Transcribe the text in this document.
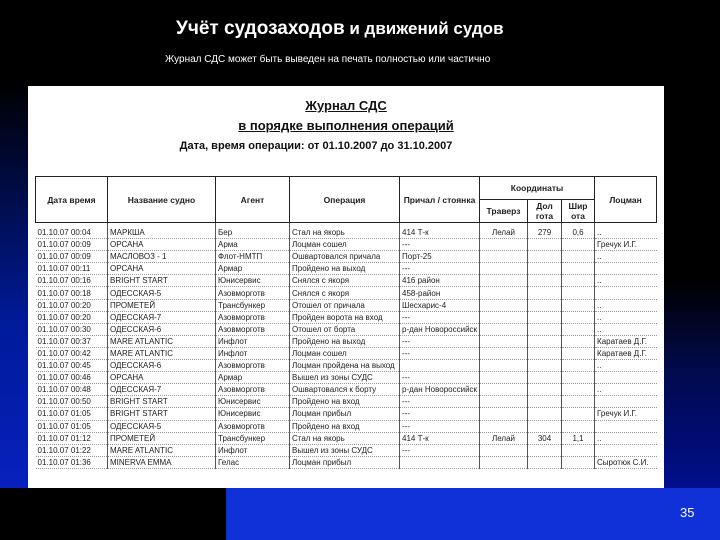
Учёт судозаходов и движений судов
Журнал СДС может быть выведен на печать полностью или частично
Журнал СДС
в порядке выполнения операций
Дата, время операции: от 01.10.2007 до 31.10.2007
Дата время	Название судно	Агент	Операция	Причал / стоянка	Координаты			Лоцман
					Траверз	Дол гота	Шир ота	
01.10.07 00:04	МАРКША	Бер	Стал на якорь	414 Т-к	Лелай	279	0,6	..
01.10.07 00:09	ОРСАНА	Арма	Лоцман сошел	---				Гречук И.Г.
01.10.07 00:09	МАСЛОВОЗ - 1	Флот-НМТП	Ошвартовался причала	Порт-25				..
01.10.07 00:11	ОРСАНА	Армар	Пройдено на выход	---				
01.10.07 00:16	BRIGHT START	Юнисервис	Снялся с якоря	416 район				..
01.10.07 00:18	ОДЕССКАЯ-5	Азовморготв	Снялся с якоря	458-район				
01.10.07 00:20	ПРОМЕТЕЙ	Трансбункер	Отошел от причала	Шесхарис-4				..
01.10.07 00:20	ОДЕССКАЯ-7	Азовморготв	Пройден ворота на вход	---				..
01.10.07 00:30	ОДЕССКАЯ-6	Азовморготв	Отошел от борта	р-дан Новороссийск				..
01.10.07 00:37	MARE ATLANTIC	Инфлот	Пройдено на выход	---				Каратаев Д.Г.
01.10.07 00:42	MARE ATLANTIC	Инфлот	Лоцман сошел	---				Каратаев Д.Г.
01.10.07 00:45	ОДЕССКАЯ-6	Азовморготв	Лоцман пройдена на выход					..
01.10.07 00:46	ОРСАНА	Армар	Вышел из зоны СУДС	---				
01.10.07 00:48	ОДЕССКАЯ-7	Азовморготв	Ошвартовался к борту	р-дан Новороссийск				..
01.10.07 00:50	BRIGHT START	Юнисервис	Пройдено на вход	---				
01.10.07 01:05	BRIGHT START	Юнисервис	Лоцман прибыл	---				Гречук И.Г.
01.10.07 01:05	ОДЕССКАЯ-5	Азовморготв	Пройдено на вход	---				
01.10.07 01:12	ПРОМЕТЕЙ	Трансбункер	Стал на якорь	414 Т-к	Лелай	304	1,1	..
01.10.07 01:22	MARE ATLANTIC	Инфлот	Вышел из зоны СУДС	---				
01.10.07 01:36	MINERVA EMMA	Гелас	Лоцман прибыл					Сыротюк С.И.
35
